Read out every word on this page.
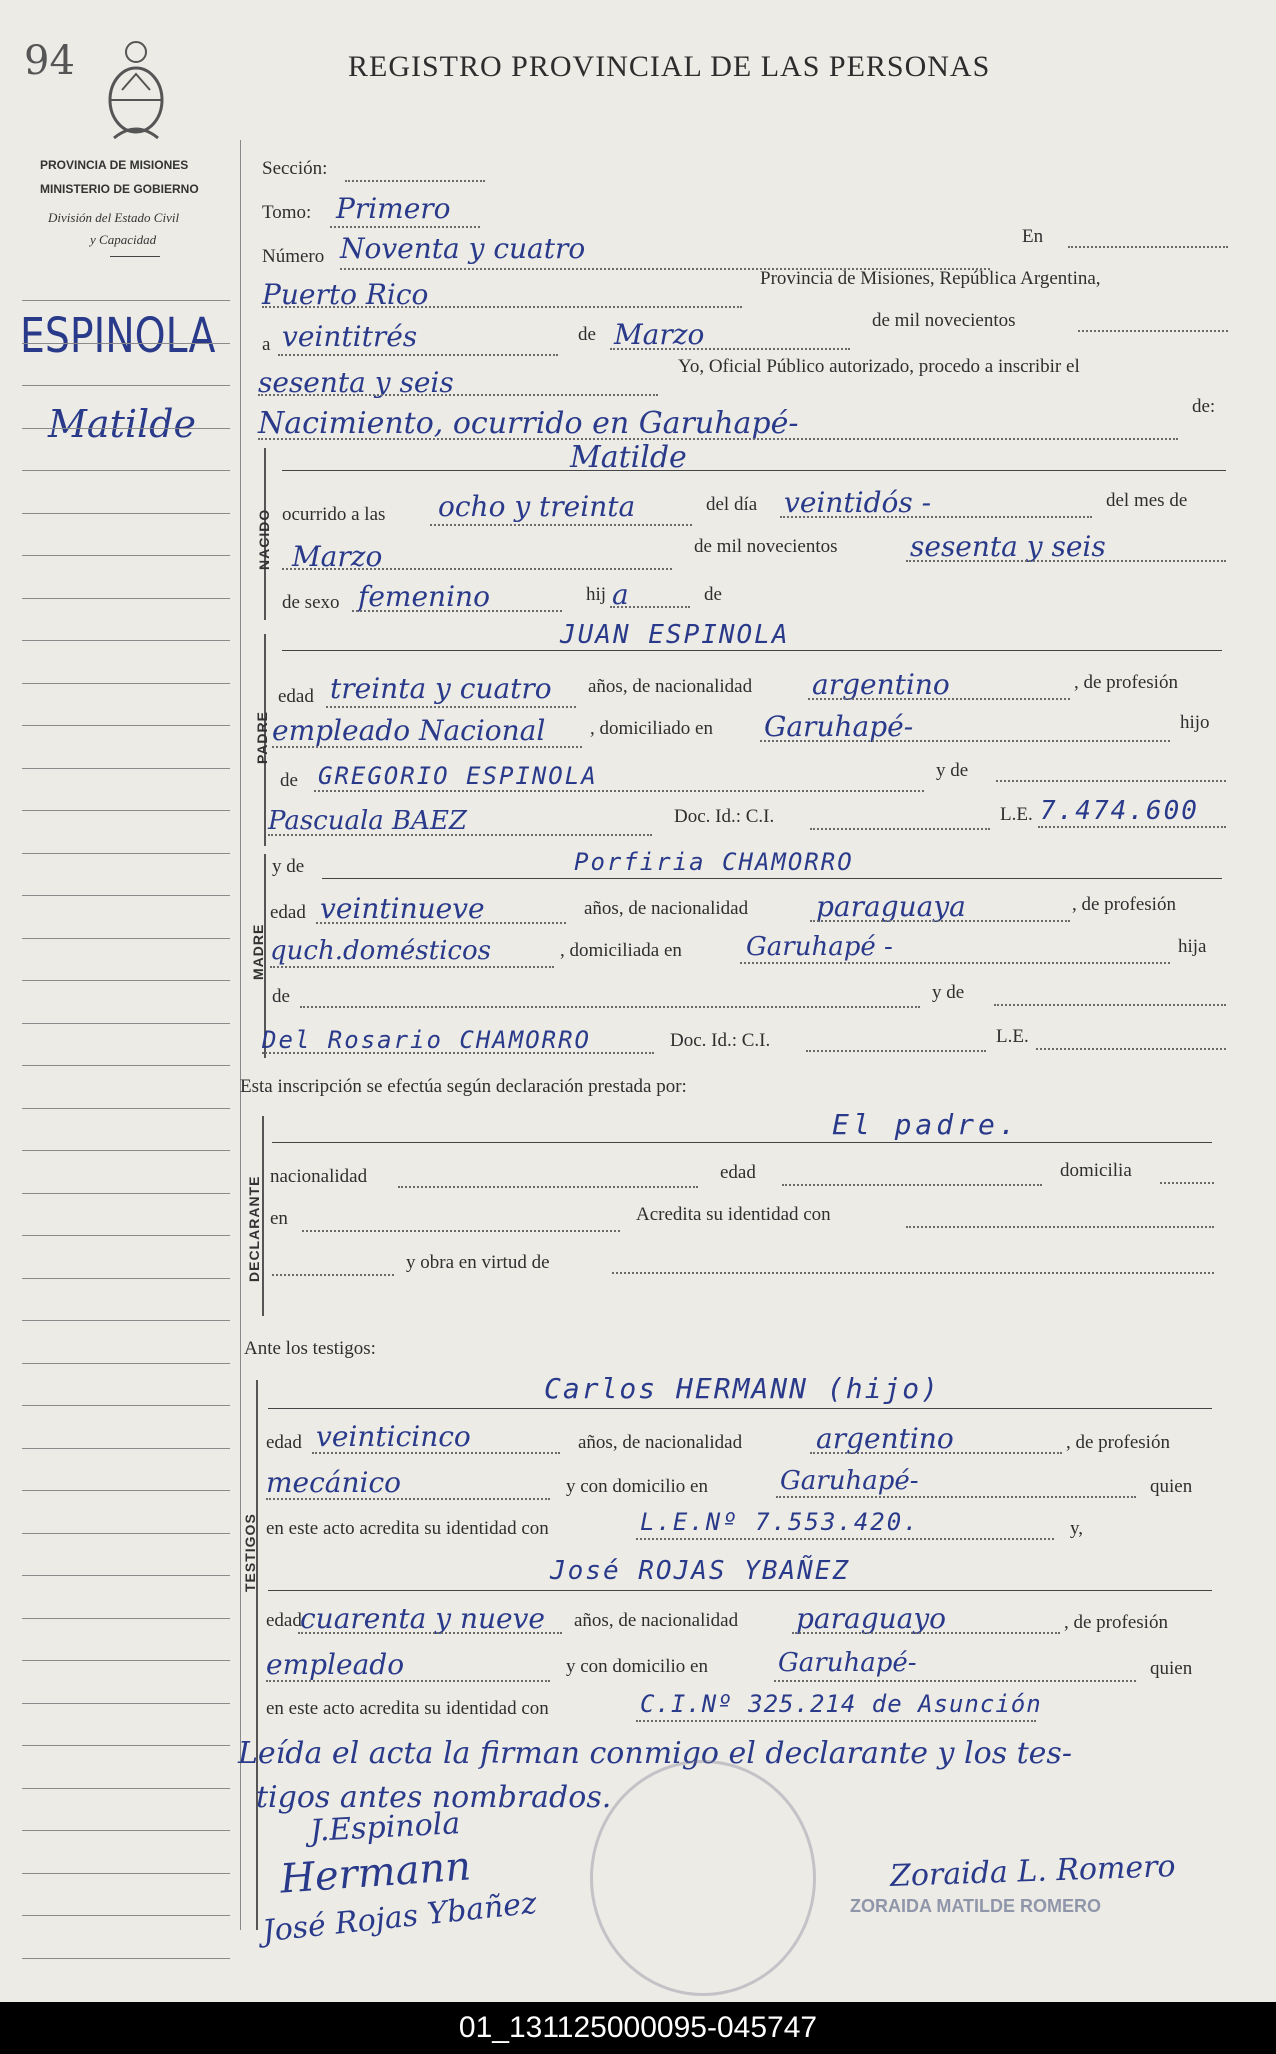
94	REGISTRO PROVINCIAL DE LAS PERSONAS
PROVINCIA DE MISIONES
MINISTERIO DE GOBIERNO
División del Estado Civil
y Capacidad
ESPINOLA
Matilde
Sección:
Tomo: Primero
Número Noventa y cuatro	En
Puerto Rico	Provincia de Misiones, República Argentina,
a veintitrés	de Marzo	de mil novecientos
sesenta y seis	Yo, Oficial Público autorizado, procedo a inscribir el
Nacimiento, ocurrido en Garuhapé-	de:
NACIDO
Matilde
ocurrido a las ocho y treinta	del día veintidós -	del mes de
Marzo	de mil novecientos	sesenta y seis
de sexo femenino	hij a	de
PADRE
JUAN ESPINOLA
edad treinta y cuatro años, de nacionalidad argentino	, de profesión
empleado Nacional , domiciliado en Garuhapé-	hijo
de GREGORIO ESPINOLA	y de
Pascuala BAEZ	Doc. Id.: C.I.	L.E. 7.474.600
MADRE
y de	Porfiria CHAMORRO
edad veintinueve	años, de nacionalidad paraguaya	, de profesión
quch.domésticos	, domiciliada en Garuhapé -	hija
de	y de
Del Rosario CHAMORRO	Doc. Id.: C.I.	L.E.
Esta inscripción se efectúa según declaración prestada por:
DECLARANTE
El padre.
nacionalidad	edad	domicilia
en	Acredita su identidad con
y obra en virtud de
Ante los testigos:
TESTIGOS
Carlos HERMANN (hijo)
edad veinticinco	años, de nacionalidad	argentino	, de profesión
mecánico	y con domicilio en	Garuhapé-	quien
en este acto acredita su identidad con	L.E.Nº 7.553.420.	y,
José ROJAS YBAÑEZ
edad
cuarenta y nueve años, de nacionalidad paraguayo	, de profesión
empleado	y con domicilio en	Garuhapé-	quien
en este acto acredita su identidad con	C.I.Nº 325.214 de Asunción
Leída el acta la firman conmigo el declarante y los tes-
tigos antes nombrados.
J.Espinola
Hermann
José Rojas Ybañez
Zoraida L. Romero
ZORAIDA MATILDE ROMERO
01_131125000095-045747
